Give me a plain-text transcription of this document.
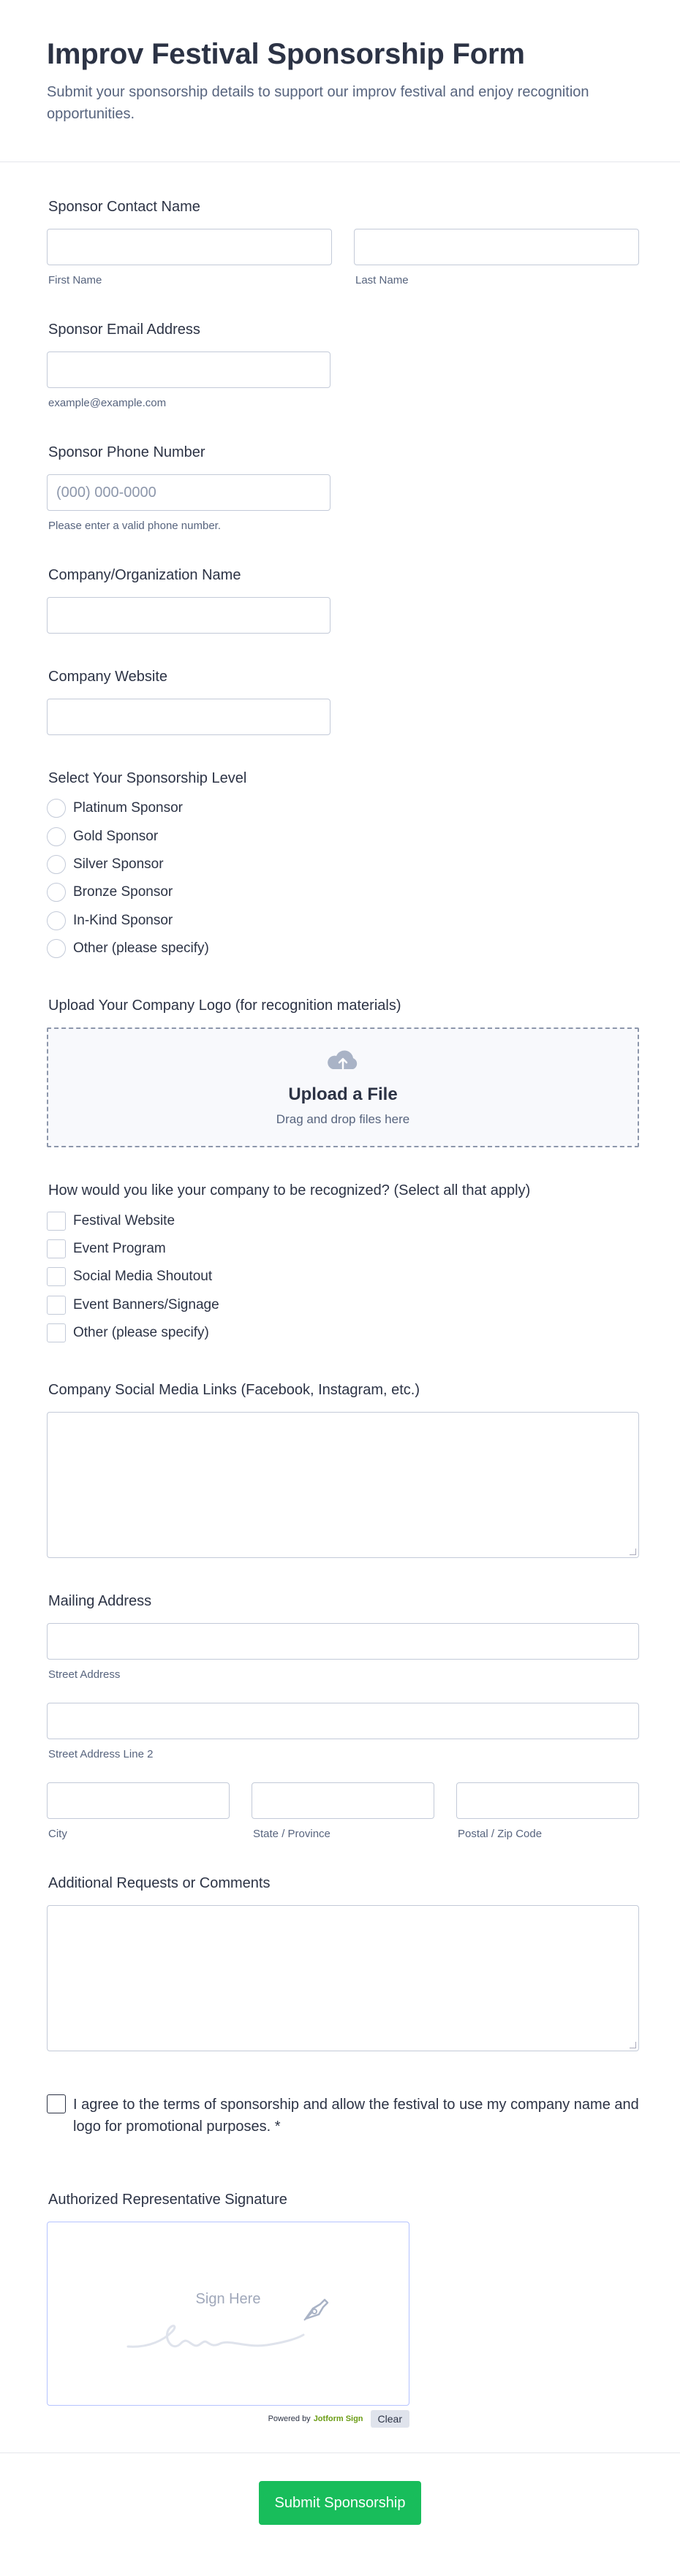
Improv Festival Sponsorship Form

Submit your sponsorship details to support our improv festival and enjoy recognition opportunities.

Sponsor Contact Name
First Name	Last Name
Sponsor Email Address
example@example.com
Sponsor Phone Number
(000) 000-0000
Please enter a valid phone number.
Company/Organization Name
Company Website
Select Your Sponsorship Level
Platinum Sponsor
Gold Sponsor
Silver Sponsor
Bronze Sponsor
In-Kind Sponsor
Other (please specify)
Upload Your Company Logo (for recognition materials)
Upload a File
Drag and drop files here
How would you like your company to be recognized? (Select all that apply)
Festival Website
Event Program
Social Media Shoutout
Event Banners/Signage
Other (please specify)
Company Social Media Links (Facebook, Instagram, etc.)
Mailing Address
Street Address
Street Address Line 2
City	State / Province	Postal / Zip Code
Additional Requests or Comments
I agree to the terms of sponsorship and allow the festival to use my company name and logo for promotional purposes. *
Authorized Representative Signature
Sign Here
Powered by Jotform Sign	Clear
Submit Sponsorship
